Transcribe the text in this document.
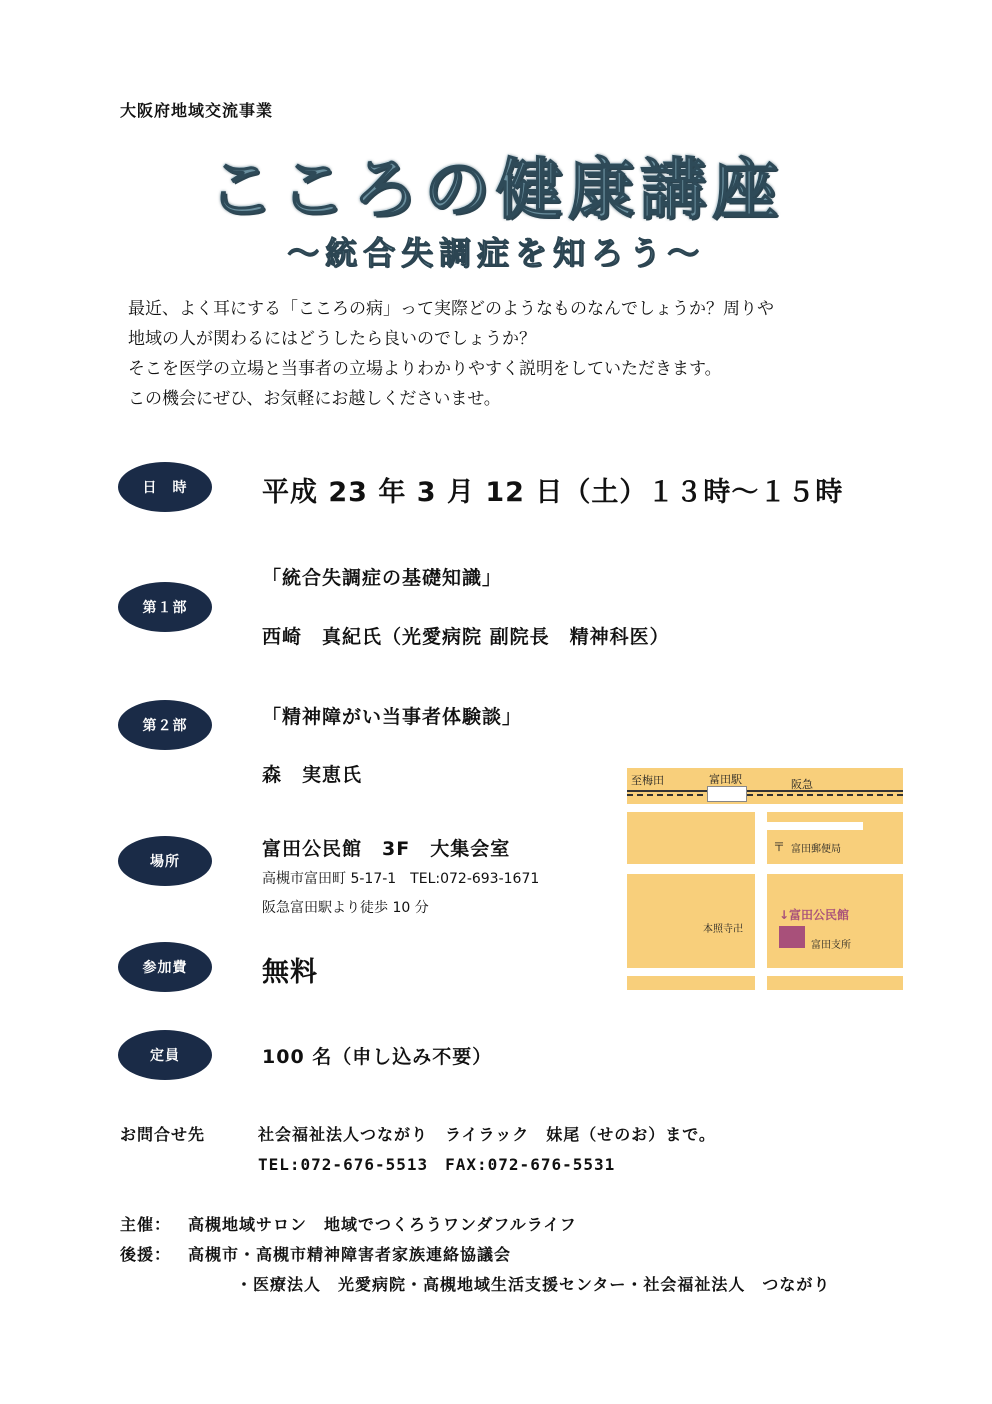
大阪府地域交流事業
こころの健康講座
〜統合失調症を知ろう〜
最近、よく耳にする「こころの病」って実際どのようなものなんでしょうか？周りや
地域の人が関わるにはどうしたら良いのでしょうか？
そこを医学の立場と当事者の立場よりわかりやすく説明をしていただきます。
この機会にぜひ、お気軽にお越しくださいませ。
日　時	平成 23 年 3 月 12 日（土）１３時〜１５時
第１部
「統合失調症の基礎知識」
西崎　真紀氏（光愛病院 副院長　精神科医）
第２部	「精神障がい当事者体験談」
森　実恵氏
場所
富田公民館　3F　大集会室
高槻市富田町 5-17-1　TEL:072-693-1671
阪急富田駅より徒歩 10 分
参加費	無料
定員	100 名（申し込み不要）
至梅田	富田駅	阪急
〒 富田郵便局
本照寺卍
↓富田公民館
富田支所
お問合せ先	社会福祉法人つながり　ライラック　妹尾（せのお）まで。
TEL:072-676-5513　FAX:072-676-5531
主催： 高槻地域サロン　地域でつくろうワンダフルライフ
後援： 高槻市・高槻市精神障害者家族連絡協議会
・医療法人　光愛病院・高槻地域生活支援センター・社会福祉法人　つながり
